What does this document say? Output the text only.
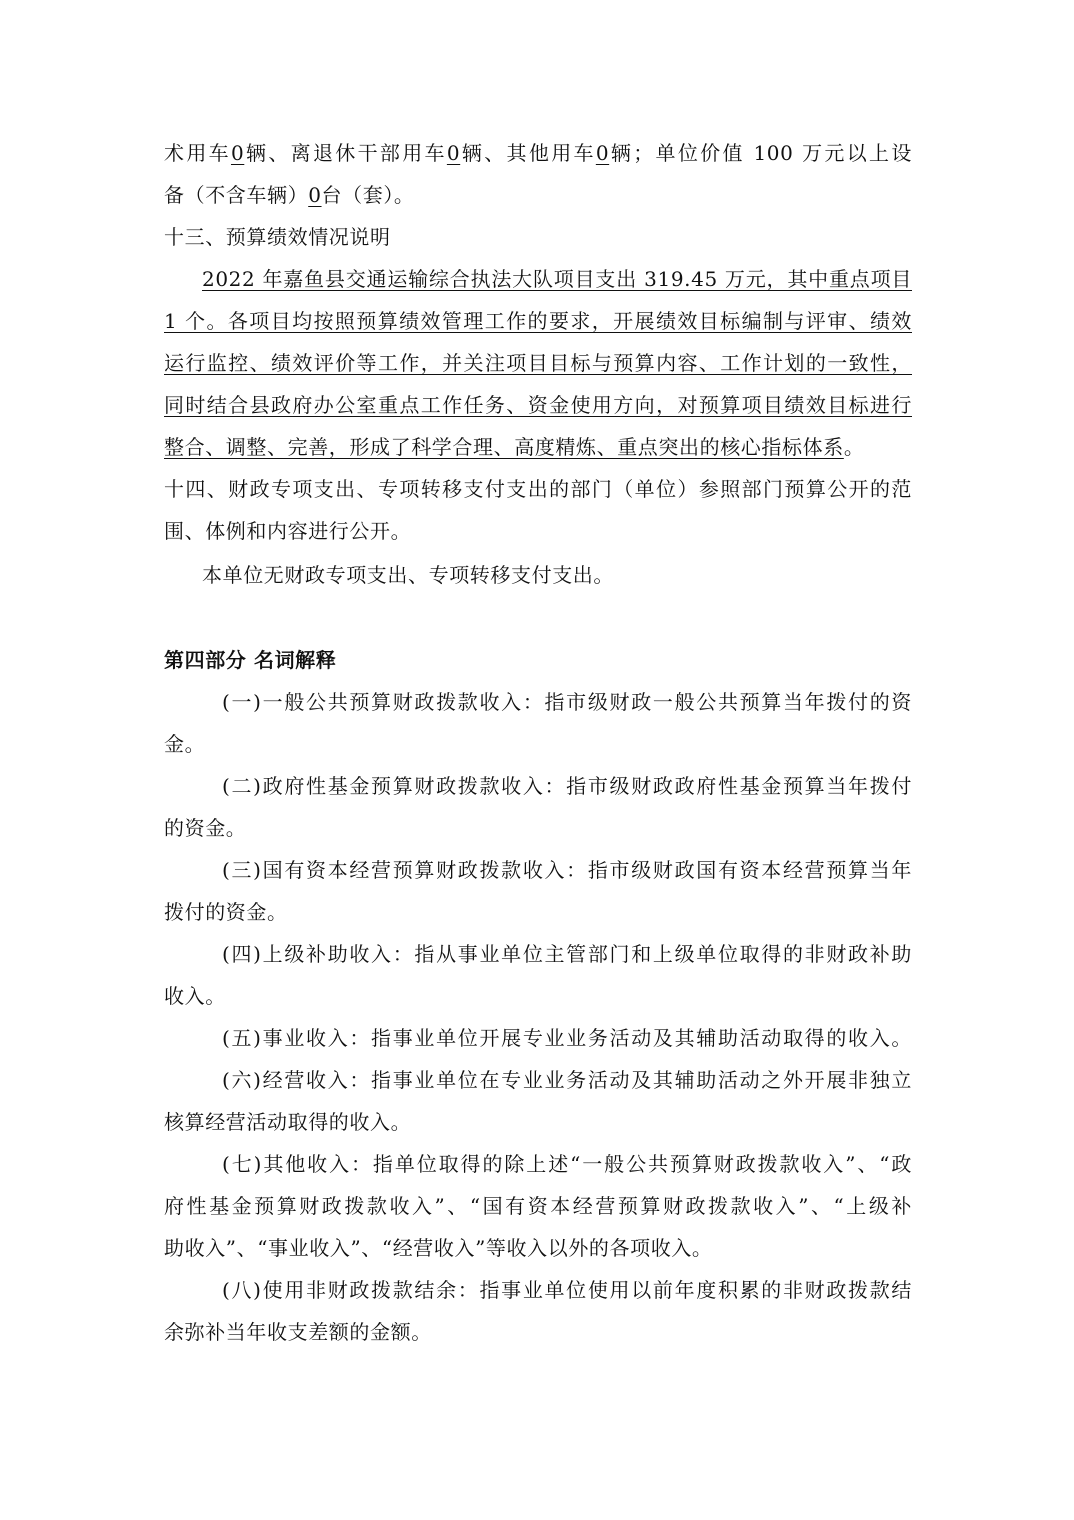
术用车0辆、离退休干部用车0辆、其他用车0辆；单位价值 100 万元以上设
备（不含车辆）0台（套）。
十三、预算绩效情况说明
2022 年嘉鱼县交通运输综合执法大队项目支出 319.45 万元，其中重点项目
1 个。各项目均按照预算绩效管理工作的要求，开展绩效目标编制与评审、绩效
运行监控、绩效评价等工作，并关注项目目标与预算内容、工作计划的一致性，
同时结合县政府办公室重点工作任务、资金使用方向，对预算项目绩效目标进行
整合、调整、完善，形成了科学合理、高度精炼、重点突出的核心指标体系。
十四、财政专项支出、专项转移支付支出的部门（单位）参照部门预算公开的范
围、体例和内容进行公开。
本单位无财政专项支出、专项转移支付支出。
第四部分 名词解释
(一)一般公共预算财政拨款收入：指市级财政一般公共预算当年拨付的资
金。
(二)政府性基金预算财政拨款收入：指市级财政政府性基金预算当年拨付
的资金。
(三)国有资本经营预算财政拨款收入：指市级财政国有资本经营预算当年
拨付的资金。
(四)上级补助收入：指从事业单位主管部门和上级单位取得的非财政补助
收入。
(五)事业收入：指事业单位开展专业业务活动及其辅助活动取得的收入。
(六)经营收入：指事业单位在专业业务活动及其辅助活动之外开展非独立
核算经营活动取得的收入。
(七)其他收入：指单位取得的除上述“一般公共预算财政拨款收入”、“政
府性基金预算财政拨款收入”、“国有资本经营预算财政拨款收入”、“上级补
助收入”、“事业收入”、“经营收入”等收入以外的各项收入。
(八)使用非财政拨款结余：指事业单位使用以前年度积累的非财政拨款结
余弥补当年收支差额的金额。
